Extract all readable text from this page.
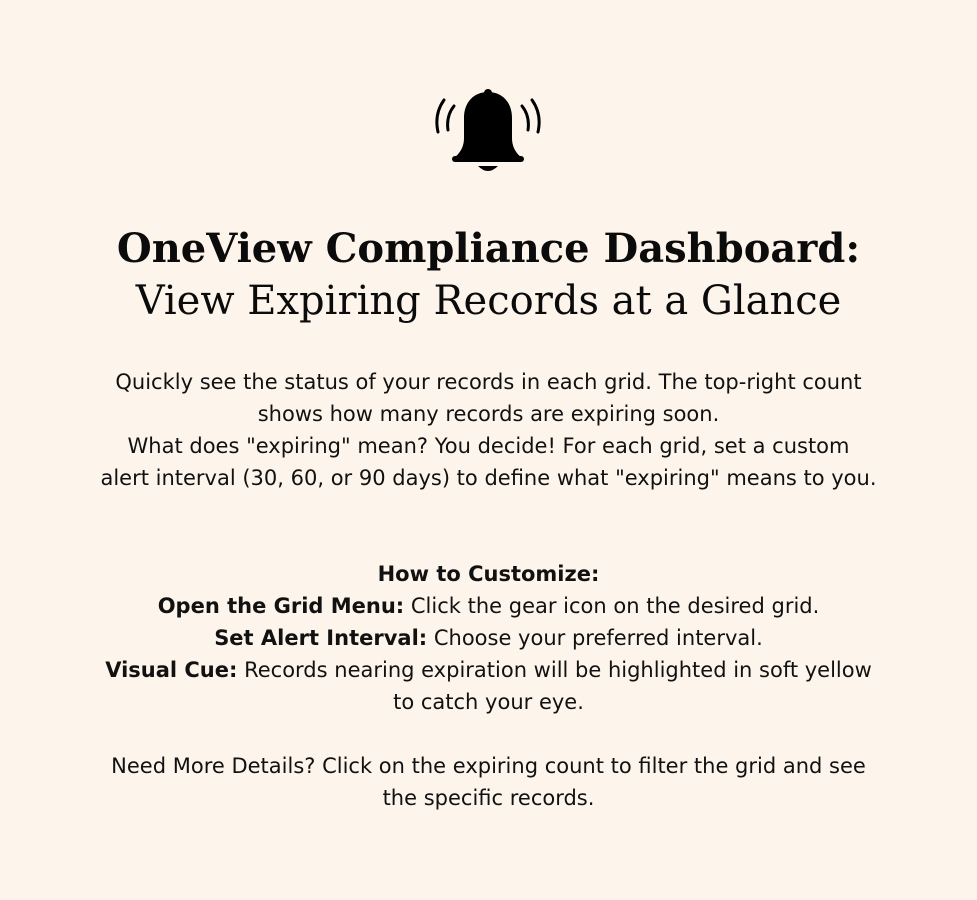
OneView Compliance Dashboard:
View Expiring Records at a Glance

Quickly see the status of your records in each grid. The top-right count shows how many records are expiring soon.

What does "expiring" mean? You decide! For each grid, set a custom alert interval (30, 60, or 90 days) to define what "expiring" means to you.

How to Customize:

Open the Grid Menu: Click the gear icon on the desired grid.

Set Alert Interval: Choose your preferred interval.

Visual Cue: Records nearing expiration will be highlighted in soft yellow to catch your eye.

Need More Details? Click on the expiring count to filter the grid and see the specific records.
